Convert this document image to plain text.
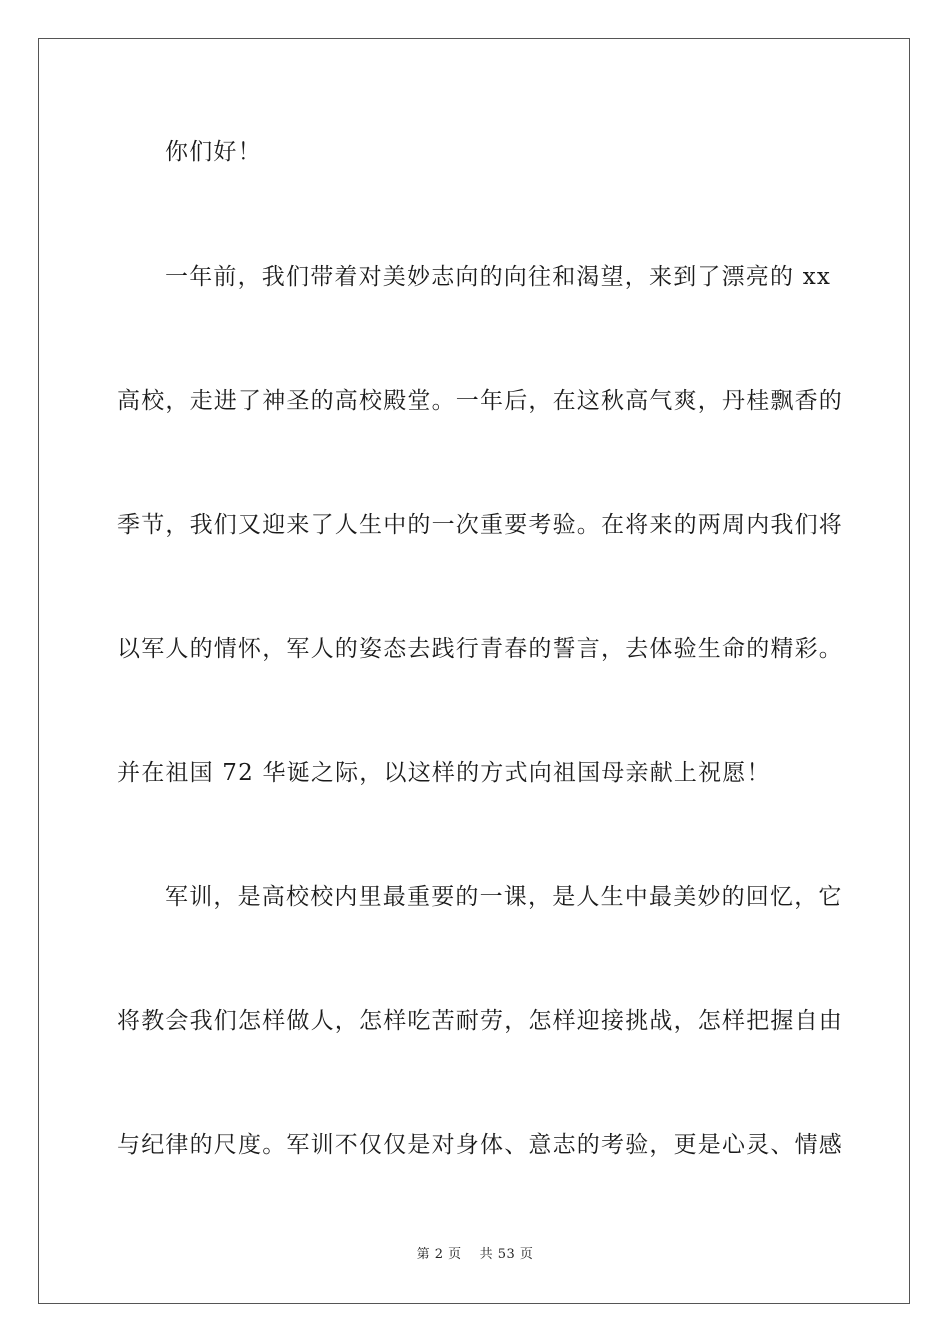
你们好！
一年前，我们带着对美妙志向的向往和渴望，来到了漂亮的 xx
高校，走进了神圣的高校殿堂。一年后，在这秋高气爽，丹桂飘香的
季节，我们又迎来了人生中的一次重要考验。在将来的两周内我们将
以军人的情怀，军人的姿态去践行青春的誓言，去体验生命的精彩。
并在祖国 72 华诞之际，以这样的方式向祖国母亲献上祝愿！
军训，是高校校内里最重要的一课，是人生中最美妙的回忆，它
将教会我们怎样做人，怎样吃苦耐劳，怎样迎接挑战，怎样把握自由
与纪律的尺度。军训不仅仅是对身体、意志的考验，更是心灵、情感
第 2 页 共 53 页
